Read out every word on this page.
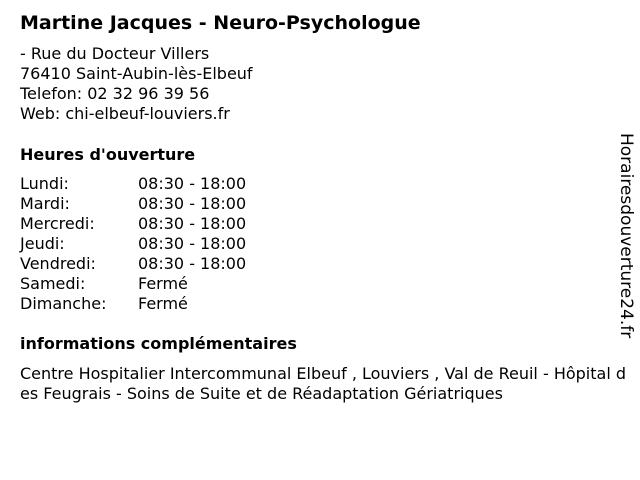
Martine Jacques - Neuro-Psychologue
- Rue du Docteur Villers
76410 Saint-Aubin-lès-Elbeuf
Telefon: 02 32 96 39 56
Web: chi-elbeuf-louviers.fr
Heures d'ouverture
Lundi:	08:30 - 18:00
Mardi:	08:30 - 18:00
Mercredi:	08:30 - 18:00
Jeudi:	08:30 - 18:00
Vendredi:	08:30 - 18:00
Samedi:	Fermé
Dimanche:	Fermé
informations complémentaires
Centre Hospitalier Intercommunal Elbeuf , Louviers , Val de Reuil - Hôpital des Feugrais - Soins de Suite et de Réadaptation Gériatriques
Horairesdouverture24.fr
